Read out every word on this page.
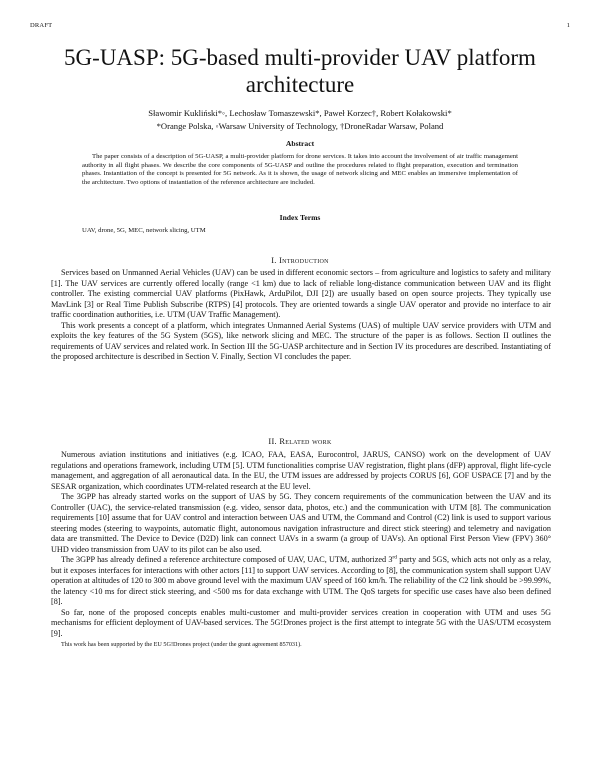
DRAFT	1
5G-UASP: 5G-based multi-provider UAV platform architecture
Sławomir Kukliński*◦, Lechosław Tomaszewski*, Paweł Korzec†, Robert Kołakowski*
*Orange Polska, ◦Warsaw University of Technology, †DroneRadar Warsaw, Poland
Abstract
The paper consists of a description of 5G-UASP, a multi-provider platform for drone services. It takes into account the involvement of air traffic management authority in all flight phases. We describe the core components of 5G-UASP and outline the procedures related to flight preparation, execution and termination phases. Instantiation of the concept is presented for 5G network. As it is shown, the usage of network slicing and MEC enables an immersive implementation of the architecture. Two options of instantiation of the reference architecture are included.
Index Terms
UAV, drone, 5G, MEC, network slicing, UTM
I. Introduction

Services based on Unmanned Aerial Vehicles (UAV) can be used in different economic sectors – from agriculture and logistics to safety and military [1]. The UAV services are currently offered locally (range <1 km) due to lack of reliable long-distance communication between UAV and its flight controller. The existing commercial UAV platforms (PixHawk, ArduPilot, DJI [2]) are usually based on open source projects. They typically use MavLink [3] or Real Time Publish Subscribe (RTPS) [4] protocols. They are oriented towards a single UAV operator and provide no interface to air traffic coordination authorities, i.e. UTM (UAV Traffic Management).

This work presents a concept of a platform, which integrates Unmanned Aerial Systems (UAS) of multiple UAV service providers with UTM and exploits the key features of the 5G System (5GS), like network slicing and MEC. The structure of the paper is as follows. Section II outlines the requirements of UAV services and related work. In Section III the 5G-UASP architecture and in Section IV its procedures are described. Instantiating of the proposed architecture is described in Section V. Finally, Section VI concludes the paper.

II. Related work

Numerous aviation institutions and initiatives (e.g. ICAO, FAA, EASA, Eurocontrol, JARUS, CANSO) work on the development of UAV regulations and operations framework, including UTM [5]. UTM functionalities comprise UAV registration, flight plans (dFP) approval, flight life-cycle management, and aggregation of all aeronautical data. In the EU, the UTM issues are addressed by projects CORUS [6], GOF USPACE [7] and by the SESAR organization, which coordinates UTM-related research at the EU level.

The 3GPP has already started works on the support of UAS by 5G. They concern requirements of the communication between the UAV and its Controller (UAC), the service-related transmission (e.g. video, sensor data, photos, etc.) and the communication with UTM [8]. The communication requirements [10] assume that for UAV control and interaction between UAS and UTM, the Command and Control (C2) link is used to support various steering modes (steering to waypoints, automatic flight, autonomous navigation infrastructure and direct stick steering) and telemetry and navigation data are transmitted. The Device to Device (D2D) link can connect UAVs in a swarm (a group of UAVs). An optional First Person View (FPV) 360° UHD video transmission from UAV to its pilot can be also used.

The 3GPP has already defined a reference architecture composed of UAV, UAC, UTM, authorized 3rd party and 5GS, which acts not only as a relay, but it exposes interfaces for interactions with other actors [11] to support UAV services. According to [8], the communication system shall support UAV operation at altitudes of 120 to 300 m above ground level with the maximum UAV speed of 160 km/h. The reliability of the C2 link should be >99.99%, the latency <10 ms for direct stick steering, and <500 ms for data exchange with UTM. The QoS targets for specific use cases have also been defined [8].

So far, none of the proposed concepts enables multi-customer and multi-provider services creation in cooperation with UTM and uses 5G mechanisms for efficient deployment of UAV-based services. The 5G!Drones project is the first attempt to integrate 5G with the UAS/UTM ecosystem [9].

This work has been supported by the EU 5G!Drones project (under the grant agreement 857031).
